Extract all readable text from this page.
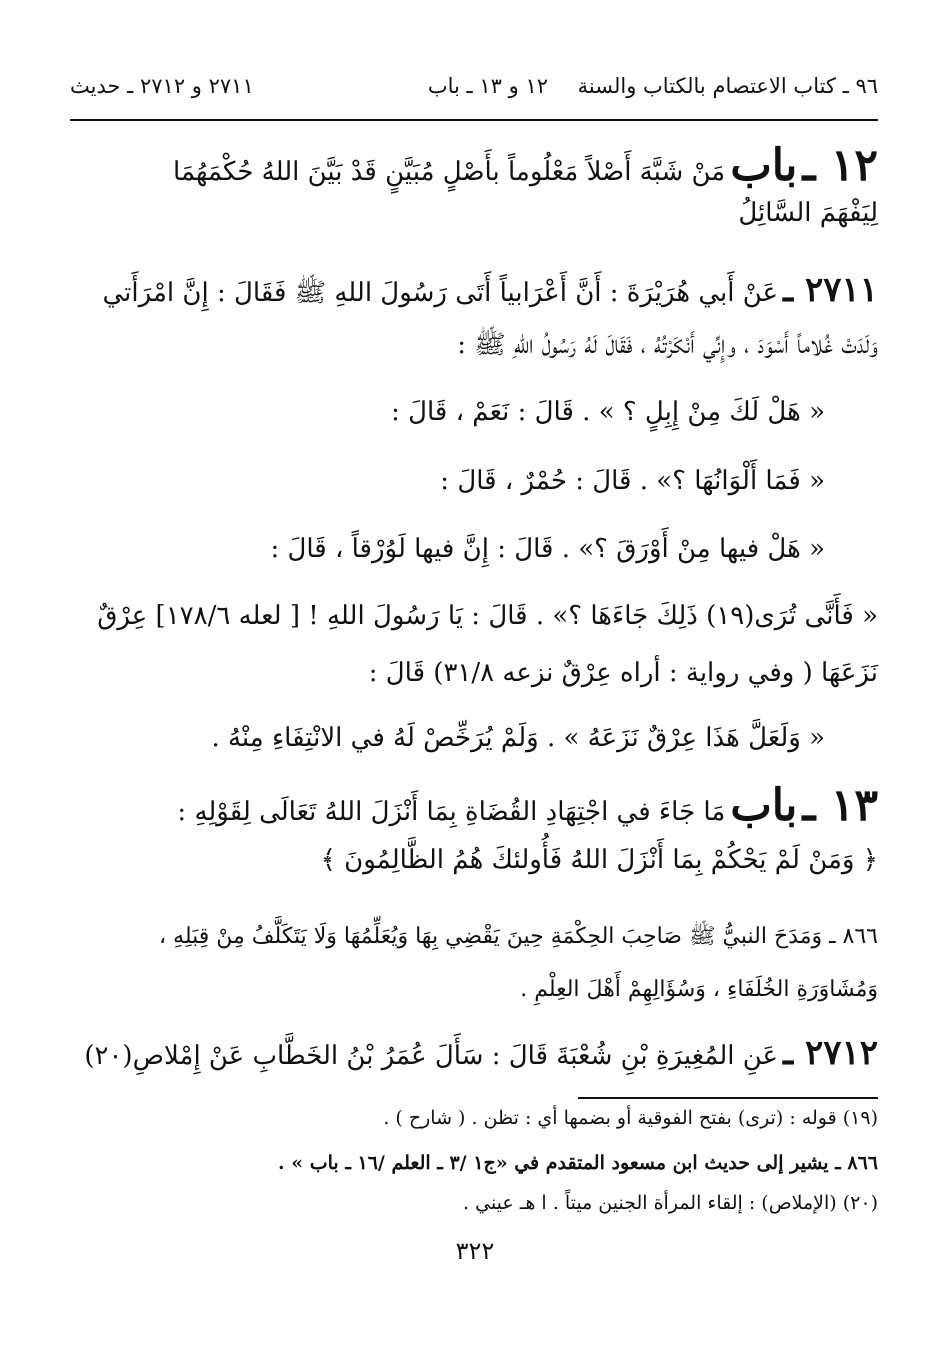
٩٦ ـ كتاب الاعتصام بالكتاب والسنة
١٢ و ١٣ ـ باب
٢٧١١ و ٢٧١٢ ـ حديث
١٢ ـ باب مَنْ شَبَّهَ أَصْلاً مَعْلُوماً بأَصْلٍ مُبَيَّنٍ قَدْ بَيَّنَ اللهُ حُكْمَهُمَا
لِيَفْهَمَ السَّائِلُ
٢٧١١ ـ عَنْ أَبي هُرَيْرَةَ : أَنَّ أَعْرَابياً أَتَى رَسُولَ اللهِ ﷺ فَقَالَ : إِنَّ امْرَأَتي
وَلَدَتْ غُلاماً أَسْوَدَ ، وإِنِّي أَنْكَرْتُهُ ، فَقَالَ لَهُ رَسُولُ اللهِ ﷺ :
« هَلْ لَكَ مِنْ إِبِلٍ ؟ » . قَالَ : نَعَمْ ، قَالَ :
« فَمَا أَلْوَانُهَا ؟» . قَالَ : حُمْرٌ ، قَالَ :
« هَلْ فيها مِنْ أَوْرَقَ ؟» . قَالَ : إِنَّ فيها لَوُرْقاً ، قَالَ :
« فَأَنَّى تُرَى(١٩) ذَلِكَ جَاءَهَا ؟» . قَالَ : يَا رَسُولَ اللهِ ! [ لعله ١٧٨/٦] عِرْقٌ
نَزَعَهَا ( وفي رواية : أراه عِرْقٌ نزعه ٣١/٨) قَالَ :
« وَلَعَلَّ هَذَا عِرْقٌ نَزَعَهُ » . وَلَمْ يُرَخِّصْ لَهُ في الانْتِفَاءِ مِنْهُ .
١٣ ـ باب مَا جَاءَ في اجْتِهَادِ القُضَاةِ بِمَا أَنْزَلَ اللهُ تَعَالَى لِقَوْلِهِ :
﴿ وَمَنْ لَمْ يَحْكُمْ بِمَا أَنْزَلَ اللهُ فَأُولئكَ هُمُ الظَّالِمُونَ ﴾
٨٦٦ ـ وَمَدَحَ النبيُّ ﷺ صَاحِبَ الحِكْمَةِ حِينَ يَقْضِي بِهَا وَيُعَلِّمُهَا وَلَا يَتَكَلَّفُ مِنْ قِبَلِهِ ،
وَمُشَاوَرَةِ الخُلَفَاءِ ، وَسُؤَالِهِمْ أَهْلَ العِلْمِ .
٢٧١٢ ـ عَنِ المُغِيرَةِ بْنِ شُعْبَةَ قَالَ : سَأَلَ عُمَرُ بْنُ الخَطَّابِ عَنْ إِمْلاصِ(٢٠)
(١٩) قوله : (ترى) بفتح الفوقية أو بضمها أي : تظن . ( شارح ) .
٨٦٦ ـ يشير إلى حديث ابن مسعود المتقدم في «ج١ /٣ ـ العلم /١٦ ـ باب » .
(٢٠) (الإملاص) : إلقاء المرأة الجنين ميتاً . ا هـ عيني .
٣٢٢
